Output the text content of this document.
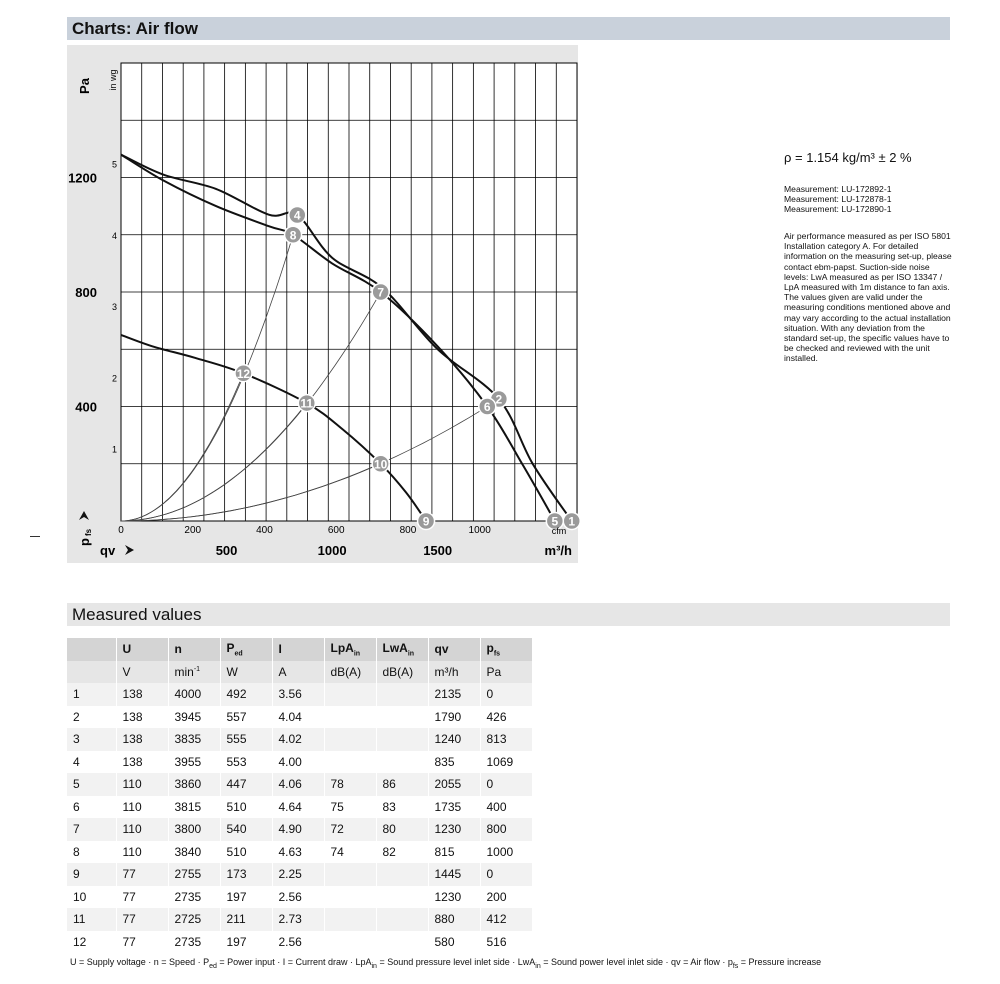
Charts: Air flow
1
2
4
5
6
7
8
9
10
11
12
400
800
1200
1
2
3
4
5
500	1000	1500
0	200	400	600	800	1000	cfm
m³/h
qv
Pa in wg
p
fs
ρ = 1.154 kg/m³ ± 2 %
Measurement: LU-172892-1
Measurement: LU-172878-1
Measurement: LU-172890-1
Air performance measured as per ISO 5801 Installation category A. For detailed information on the measuring set-up, please contact ebm-papst. Suction-side noise levels: LwA measured as per ISO 13347 / LpA measured with 1m distance to fan axis. The values given are valid under the measuring conditions mentioned above and may vary according to the actual installation situation. With any deviation from the standard set-up, the specific values have to be checked and reviewed with the unit installed.
Measured values
	U	n	$P_{ed}$	I	LpA$_{in}$	LwA$_{in}$	qv	$p_{fs}$
	V	$\min^{-1}$	W	A	dB(A)	dB(A)	m³/h	Pa
1	138	4000	492	3.56			2135	0
2	138	3945	557	4.04			1790	426
3	138	3835	555	4.02			1240	813
4	138	3955	553	4.00			835	1069
5	110	3860	447	4.06	78	86	2055	0
6	110	3815	510	4.64	75	83	1735	400
7	110	3800	540	4.90	72	80	1230	800
8	110	3840	510	4.63	74	82	815	1000
9	77	2755	173	2.25			1445	0
10	77	2735	197	2.56			1230	200
11	77	2725	211	2.73			880	412
12	77	2735	197	2.56			580	516
U = Supply voltage · n = Speed · $P_{ed}$ = Power input · I = Current draw · LpA$_{in}$ = Sound pressure level inlet side · LwA$_{in}$ = Sound power level inlet side · qv = Air flow · $p_{fs}$ = Pressure increase
